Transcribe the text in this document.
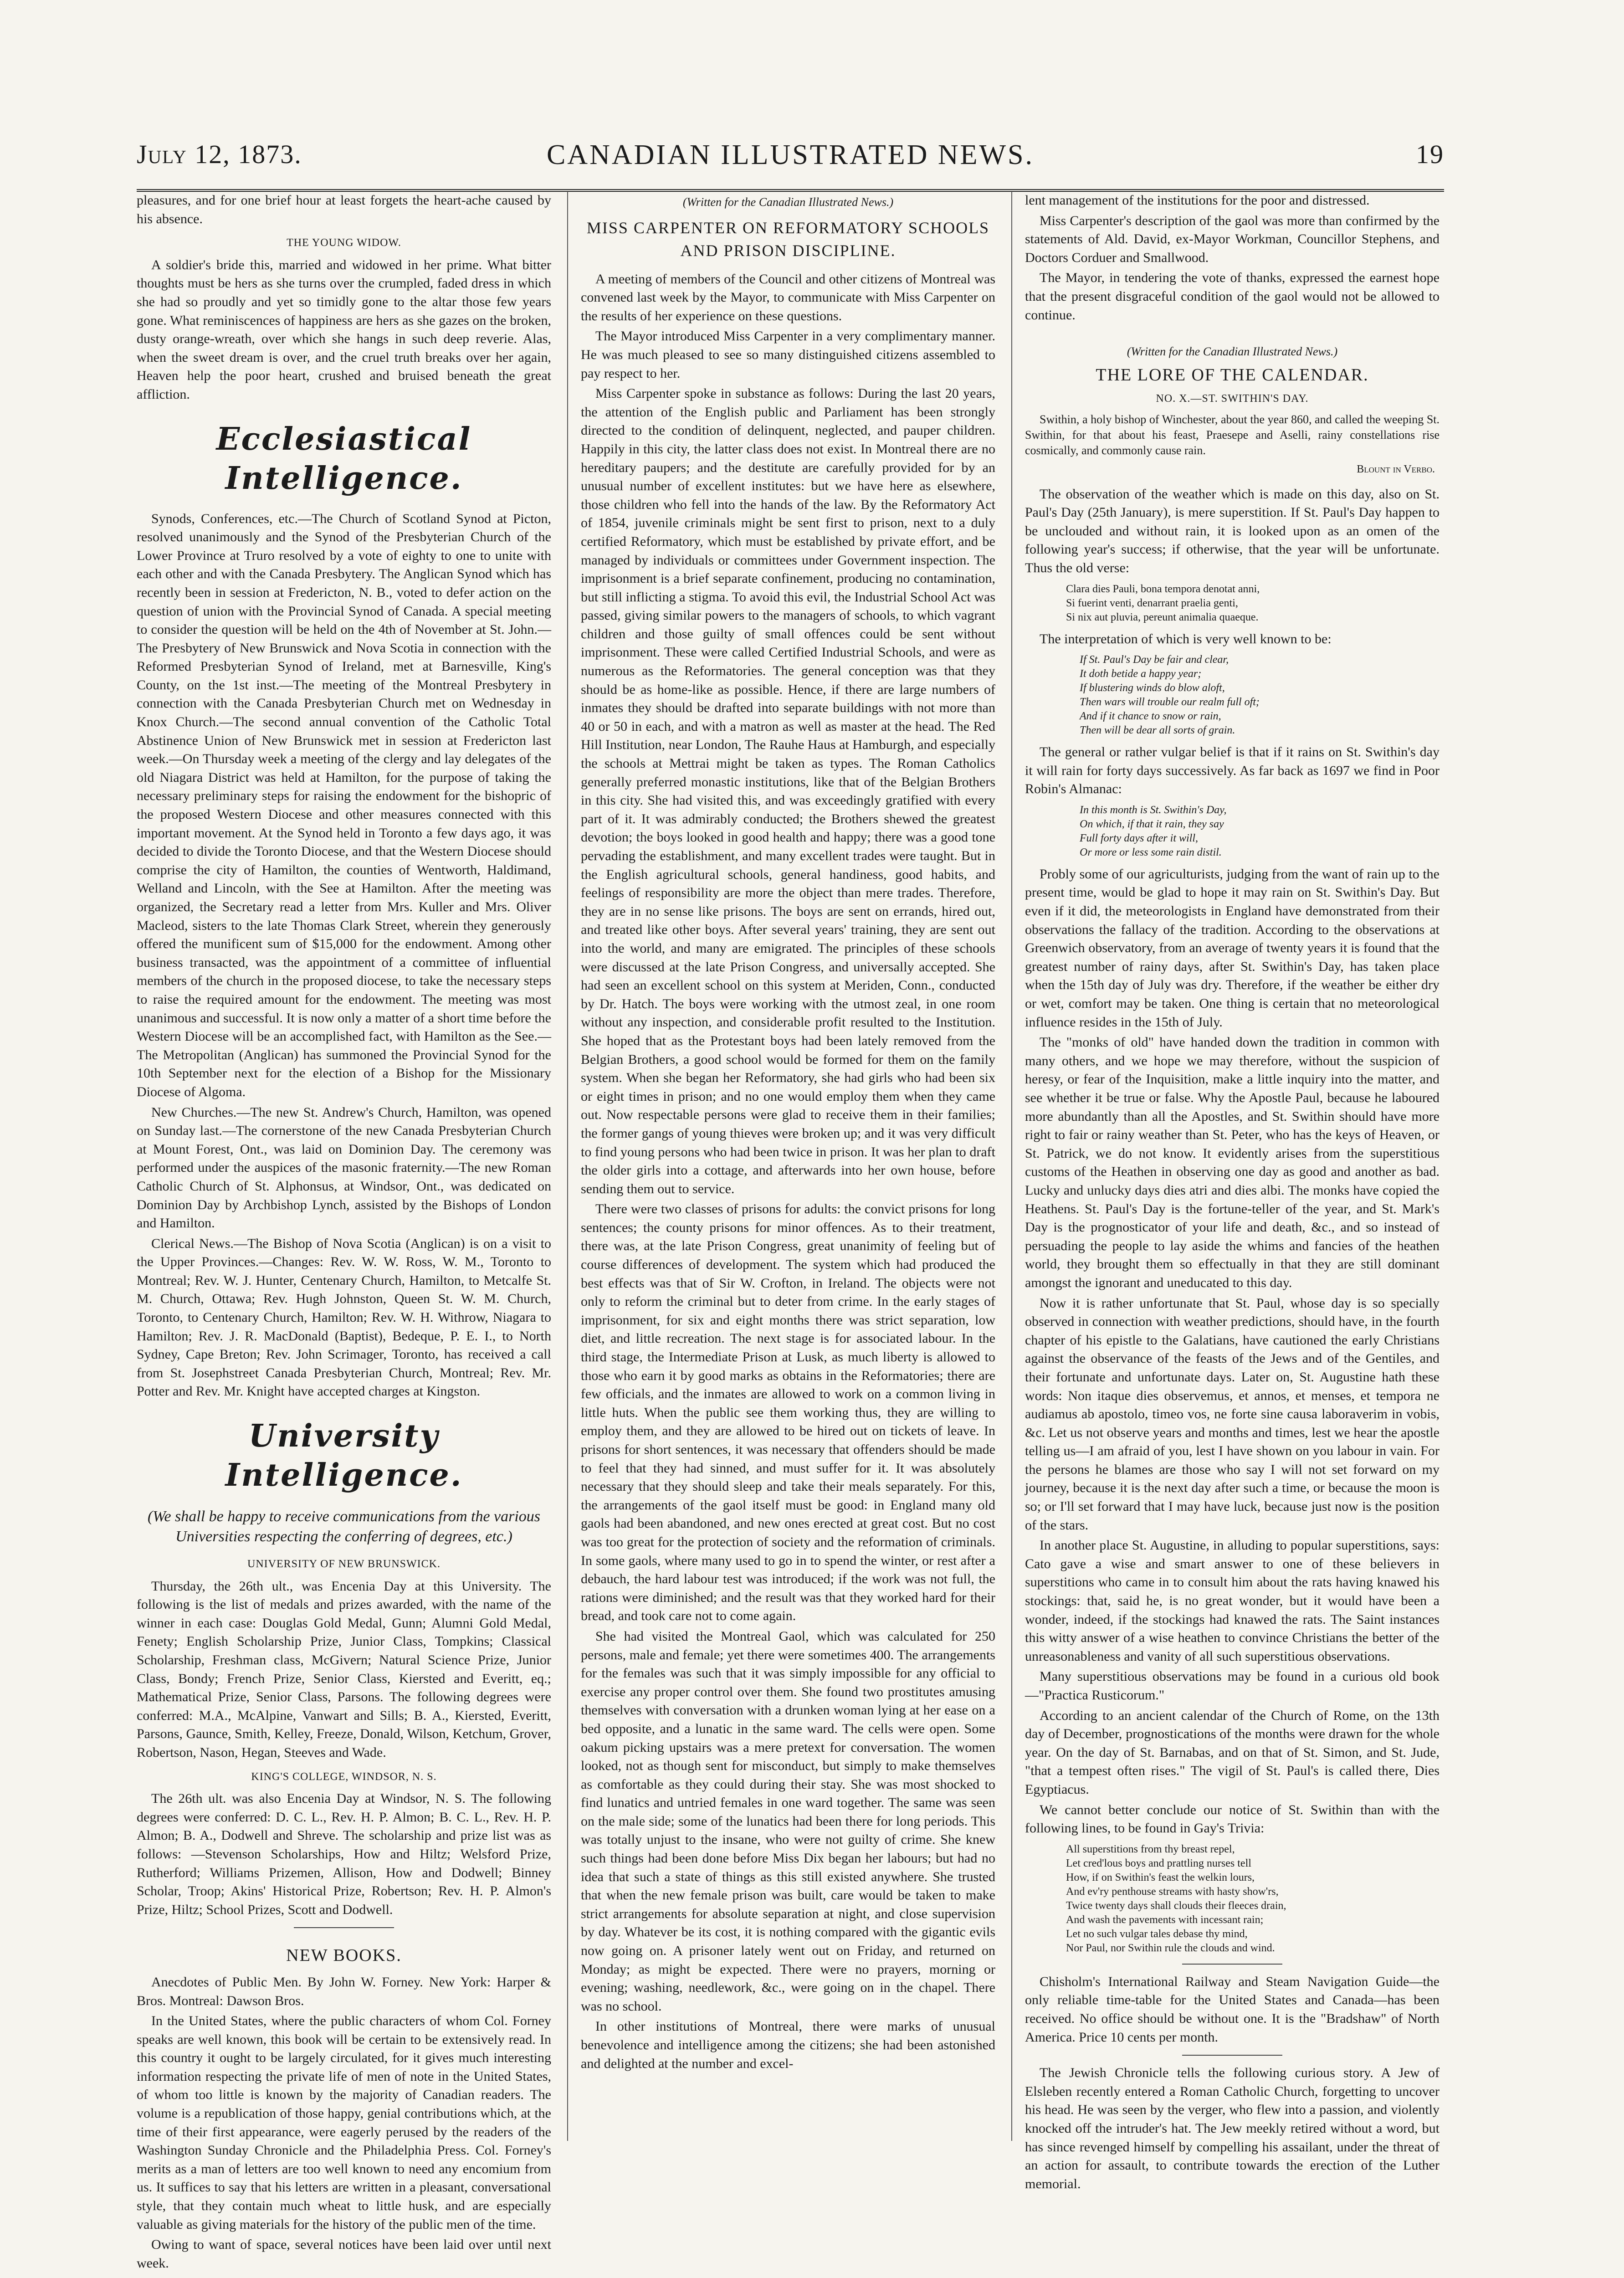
July 12, 1873.	CANADIAN ILLUSTRATED NEWS.	19

pleasures, and for one brief hour at least forgets the heart-ache caused by his absence.

THE YOUNG WIDOW.

A soldier's bride this, married and widowed in her prime. What bitter thoughts must be hers as she turns over the crumpled, faded dress in which she had so proudly and yet so timidly gone to the altar those few years gone. What reminiscences of happiness are hers as she gazes on the broken, dusty orange-wreath, over which she hangs in such deep reverie. Alas, when the sweet dream is over, and the cruel truth breaks over her again, Heaven help the poor heart, crushed and bruised beneath the great affliction.

Ecclesiastical Intelligence.

Synods, Conferences, etc.—The Church of Scotland Synod at Picton, resolved unanimously and the Synod of the Presbyterian Church of the Lower Province at Truro resolved by a vote of eighty to one to unite with each other and with the Canada Presbytery. The Anglican Synod which has recently been in session at Fredericton, N. B., voted to defer action on the question of union with the Provincial Synod of Canada. A special meeting to consider the question will be held on the 4th of November at St. John.—The Presbytery of New Brunswick and Nova Scotia in connection with the Reformed Presbyterian Synod of Ireland, met at Barnesville, King's County, on the 1st inst.—The meeting of the Montreal Presbytery in connection with the Canada Presbyterian Church met on Wednesday in Knox Church.—The second annual convention of the Catholic Total Abstinence Union of New Brunswick met in session at Fredericton last week.—On Thursday week a meeting of the clergy and lay delegates of the old Niagara District was held at Hamilton, for the purpose of taking the necessary preliminary steps for raising the endowment for the bishopric of the proposed Western Diocese and other measures connected with this important movement. At the Synod held in Toronto a few days ago, it was decided to divide the Toronto Diocese, and that the Western Diocese should comprise the city of Hamilton, the counties of Wentworth, Haldimand, Welland and Lincoln, with the See at Hamilton. After the meeting was organized, the Secretary read a letter from Mrs. Kuller and Mrs. Oliver Macleod, sisters to the late Thomas Clark Street, wherein they generously offered the munificent sum of $15,000 for the endowment. Among other business transacted, was the appointment of a committee of influential members of the church in the proposed diocese, to take the necessary steps to raise the required amount for the endowment. The meeting was most unanimous and successful. It is now only a matter of a short time before the Western Diocese will be an accomplished fact, with Hamilton as the See.—The Metropolitan (Anglican) has summoned the Provincial Synod for the 10th September next for the election of a Bishop for the Missionary Diocese of Algoma.

New Churches.—The new St. Andrew's Church, Hamilton, was opened on Sunday last.—The cornerstone of the new Canada Presbyterian Church at Mount Forest, Ont., was laid on Dominion Day. The ceremony was performed under the auspices of the masonic fraternity.—The new Roman Catholic Church of St. Alphonsus, at Windsor, Ont., was dedicated on Dominion Day by Archbishop Lynch, assisted by the Bishops of London and Hamilton.

Clerical News.—The Bishop of Nova Scotia (Anglican) is on a visit to the Upper Provinces.—Changes: Rev. W. W. Ross, W. M., Toronto to Montreal; Rev. W. J. Hunter, Centenary Church, Hamilton, to Metcalfe St. M. Church, Ottawa; Rev. Hugh Johnston, Queen St. W. M. Church, Toronto, to Centenary Church, Hamilton; Rev. W. H. Withrow, Niagara to Hamilton; Rev. J. R. MacDonald (Baptist), Bedeque, P. E. I., to North Sydney, Cape Breton; Rev. John Scrimager, Toronto, has received a call from St. Josephstreet Canada Presbyterian Church, Montreal; Rev. Mr. Potter and Rev. Mr. Knight have accepted charges at Kingston.

University Intelligence.
(We shall be happy to receive communications from the various Universities respecting the conferring of degrees, etc.)
UNIVERSITY OF NEW BRUNSWICK.

Thursday, the 26th ult., was Encenia Day at this University. The following is the list of medals and prizes awarded, with the name of the winner in each case: Douglas Gold Medal, Gunn; Alumni Gold Medal, Fenety; English Scholarship Prize, Junior Class, Tompkins; Classical Scholarship, Freshman class, McGivern; Natural Science Prize, Junior Class, Bondy; French Prize, Senior Class, Kiersted and Everitt, eq.; Mathematical Prize, Senior Class, Parsons. The following degrees were conferred: M.A., McAlpine, Vanwart and Sills; B. A., Kiersted, Everitt, Parsons, Gaunce, Smith, Kelley, Freeze, Donald, Wilson, Ketchum, Grover, Robertson, Nason, Hegan, Steeves and Wade.

KING'S COLLEGE, WINDSOR, N. S.

The 26th ult. was also Encenia Day at Windsor, N. S. The following degrees were conferred: D. C. L., Rev. H. P. Almon; B. C. L., Rev. H. P. Almon; B. A., Dodwell and Shreve. The scholarship and prize list was as follows: —Stevenson Scholarships, How and Hiltz; Welsford Prize, Rutherford; Williams Prizemen, Allison, How and Dodwell; Binney Scholar, Troop; Akins' Historical Prize, Robertson; Rev. H. P. Almon's Prize, Hiltz; School Prizes, Scott and Dodwell.

NEW BOOKS.

Anecdotes of Public Men. By John W. Forney. New York: Harper & Bros. Montreal: Dawson Bros.

In the United States, where the public characters of whom Col. Forney speaks are well known, this book will be certain to be extensively read. In this country it ought to be largely circulated, for it gives much interesting information respecting the private life of men of note in the United States, of whom too little is known by the majority of Canadian readers. The volume is a republication of those happy, genial contributions which, at the time of their first appearance, were eagerly perused by the readers of the Washington Sunday Chronicle and the Philadelphia Press. Col. Forney's merits as a man of letters are too well known to need any encomium from us. It suffices to say that his letters are written in a pleasant, conversational style, that they contain much wheat to little husk, and are especially valuable as giving materials for the history of the public men of the time.

Owing to want of space, several notices have been laid over until next week.

(Written for the Canadian Illustrated News.)
MISS CARPENTER ON REFORMATORY SCHOOLS AND PRISON DISCIPLINE.

A meeting of members of the Council and other citizens of Montreal was convened last week by the Mayor, to communicate with Miss Carpenter on the results of her experience on these questions.

The Mayor introduced Miss Carpenter in a very complimentary manner. He was much pleased to see so many distinguished citizens assembled to pay respect to her.

Miss Carpenter spoke in substance as follows: During the last 20 years, the attention of the English public and Parliament has been strongly directed to the condition of delinquent, neglected, and pauper children. Happily in this city, the latter class does not exist. In Montreal there are no hereditary paupers; and the destitute are carefully provided for by an unusual number of excellent institutes: but we have here as elsewhere, those children who fell into the hands of the law. By the Reformatory Act of 1854, juvenile criminals might be sent first to prison, next to a duly certified Reformatory, which must be established by private effort, and be managed by individuals or committees under Government inspection. The imprisonment is a brief separate confinement, producing no contamination, but still inflicting a stigma. To avoid this evil, the Industrial School Act was passed, giving similar powers to the managers of schools, to which vagrant children and those guilty of small offences could be sent without imprisonment. These were called Certified Industrial Schools, and were as numerous as the Reformatories. The general conception was that they should be as home-like as possible. Hence, if there are large numbers of inmates they should be drafted into separate buildings with not more than 40 or 50 in each, and with a matron as well as master at the head. The Red Hill Institution, near London, The Rauhe Haus at Hamburgh, and especially the schools at Mettrai might be taken as types. The Roman Catholics generally preferred monastic institutions, like that of the Belgian Brothers in this city. She had visited this, and was exceedingly gratified with every part of it. It was admirably conducted; the Brothers shewed the greatest devotion; the boys looked in good health and happy; there was a good tone pervading the establishment, and many excellent trades were taught. But in the English agricultural schools, general handiness, good habits, and feelings of responsibility are more the object than mere trades. Therefore, they are in no sense like prisons. The boys are sent on errands, hired out, and treated like other boys. After several years' training, they are sent out into the world, and many are emigrated. The principles of these schools were discussed at the late Prison Congress, and universally accepted. She had seen an excellent school on this system at Meriden, Conn., conducted by Dr. Hatch. The boys were working with the utmost zeal, in one room without any inspection, and considerable profit resulted to the Institution. She hoped that as the Protestant boys had been lately removed from the Belgian Brothers, a good school would be formed for them on the family system. When she began her Reformatory, she had girls who had been six or eight times in prison; and no one would employ them when they came out. Now respectable persons were glad to receive them in their families; the former gangs of young thieves were broken up; and it was very difficult to find young persons who had been twice in prison. It was her plan to draft the older girls into a cottage, and afterwards into her own house, before sending them out to service.

There were two classes of prisons for adults: the convict prisons for long sentences; the county prisons for minor offences. As to their treatment, there was, at the late Prison Congress, great unanimity of feeling but of course differences of development. The system which had produced the best effects was that of Sir W. Crofton, in Ireland. The objects were not only to reform the criminal but to deter from crime. In the early stages of imprisonment, for six and eight months there was strict separation, low diet, and little recreation. The next stage is for associated labour. In the third stage, the Intermediate Prison at Lusk, as much liberty is allowed to those who earn it by good marks as obtains in the Reformatories; there are few officials, and the inmates are allowed to work on a common living in little huts. When the public see them working thus, they are willing to employ them, and they are allowed to be hired out on tickets of leave. In prisons for short sentences, it was necessary that offenders should be made to feel that they had sinned, and must suffer for it. It was absolutely necessary that they should sleep and take their meals separately. For this, the arrangements of the gaol itself must be good: in England many old gaols had been abandoned, and new ones erected at great cost. But no cost was too great for the protection of society and the reformation of criminals. In some gaols, where many used to go in to spend the winter, or rest after a debauch, the hard labour test was introduced; if the work was not full, the rations were diminished; and the result was that they worked hard for their bread, and took care not to come again.

She had visited the Montreal Gaol, which was calculated for 250 persons, male and female; yet there were sometimes 400. The arrangements for the females was such that it was simply impossible for any official to exercise any proper control over them. She found two prostitutes amusing themselves with conversation with a drunken woman lying at her ease on a bed opposite, and a lunatic in the same ward. The cells were open. Some oakum picking upstairs was a mere pretext for conversation. The women looked, not as though sent for misconduct, but simply to make themselves as comfortable as they could during their stay. She was most shocked to find lunatics and untried females in one ward together. The same was seen on the male side; some of the lunatics had been there for long periods. This was totally unjust to the insane, who were not guilty of crime. She knew such things had been done before Miss Dix began her labours; but had no idea that such a state of things as this still existed anywhere. She trusted that when the new female prison was built, care would be taken to make strict arrangements for absolute separation at night, and close supervision by day. Whatever be its cost, it is nothing compared with the gigantic evils now going on. A prisoner lately went out on Friday, and returned on Monday; as might be expected. There were no prayers, morning or evening; washing, needlework, &c., were going on in the chapel. There was no school.

In other institutions of Montreal, there were marks of unusual benevolence and intelligence among the citizens; she had been astonished and delighted at the number and excel-

lent management of the institutions for the poor and distressed.

Miss Carpenter's description of the gaol was more than confirmed by the statements of Ald. David, ex-Mayor Workman, Councillor Stephens, and Doctors Corduer and Smallwood.

The Mayor, in tendering the vote of thanks, expressed the earnest hope that the present disgraceful condition of the gaol would not be allowed to continue.

(Written for the Canadian Illustrated News.)
THE LORE OF THE CALENDAR.
NO. X.—ST. SWITHIN'S DAY.

Swithin, a holy bishop of Winchester, about the year 860, and called the weeping St. Swithin, for that about his feast, Praesepe and Aselli, rainy constellations rise cosmically, and commonly cause rain.

Blount in Verbo.

The observation of the weather which is made on this day, also on St. Paul's Day (25th January), is mere superstition. If St. Paul's Day happen to be unclouded and without rain, it is looked upon as an omen of the following year's success; if otherwise, that the year will be unfortunate. Thus the old verse:

Clara dies Pauli, bona tempora denotat anni,
Si fuerint venti, denarrant praelia genti,
Si nix aut pluvia, pereunt animalia quaeque.

The interpretation of which is very well known to be:

If St. Paul's Day be fair and clear,
It doth betide a happy year;
If blustering winds do blow aloft,
Then wars will trouble our realm full oft;
And if it chance to snow or rain,
Then will be dear all sorts of grain.

The general or rather vulgar belief is that if it rains on St. Swithin's day it will rain for forty days successively. As far back as 1697 we find in Poor Robin's Almanac:

In this month is St. Swithin's Day,
On which, if that it rain, they say
Full forty days after it will,
Or more or less some rain distil.

Probly some of our agriculturists, judging from the want of rain up to the present time, would be glad to hope it may rain on St. Swithin's Day. But even if it did, the meteorologists in England have demonstrated from their observations the fallacy of the tradition. According to the observations at Greenwich observatory, from an average of twenty years it is found that the greatest number of rainy days, after St. Swithin's Day, has taken place when the 15th day of July was dry. Therefore, if the weather be either dry or wet, comfort may be taken. One thing is certain that no meteorological influence resides in the 15th of July.

The "monks of old" have handed down the tradition in common with many others, and we hope we may therefore, without the suspicion of heresy, or fear of the Inquisition, make a little inquiry into the matter, and see whether it be true or false. Why the Apostle Paul, because he laboured more abundantly than all the Apostles, and St. Swithin should have more right to fair or rainy weather than St. Peter, who has the keys of Heaven, or St. Patrick, we do not know. It evidently arises from the superstitious customs of the Heathen in observing one day as good and another as bad. Lucky and unlucky days dies atri and dies albi. The monks have copied the Heathens. St. Paul's Day is the fortune-teller of the year, and St. Mark's Day is the prognosticator of your life and death, &c., and so instead of persuading the people to lay aside the whims and fancies of the heathen world, they brought them so effectually in that they are still dominant amongst the ignorant and uneducated to this day.

Now it is rather unfortunate that St. Paul, whose day is so specially observed in connection with weather predictions, should have, in the fourth chapter of his epistle to the Galatians, have cautioned the early Christians against the observance of the feasts of the Jews and of the Gentiles, and their fortunate and unfortunate days. Later on, St. Augustine hath these words: Non itaque dies observemus, et annos, et menses, et tempora ne audiamus ab apostolo, timeo vos, ne forte sine causa laboraverim in vobis, &c. Let us not observe years and months and times, lest we hear the apostle telling us—I am afraid of you, lest I have shown on you labour in vain. For the persons he blames are those who say I will not set forward on my journey, because it is the next day after such a time, or because the moon is so; or I'll set forward that I may have luck, because just now is the position of the stars.

In another place St. Augustine, in alluding to popular superstitions, says: Cato gave a wise and smart answer to one of these believers in superstitions who came in to consult him about the rats having knawed his stockings: that, said he, is no great wonder, but it would have been a wonder, indeed, if the stockings had knawed the rats. The Saint instances this witty answer of a wise heathen to convince Christians the better of the unreasonableness and vanity of all such superstitious observations.

Many superstitious observations may be found in a curious old book—"Practica Rusticorum."

According to an ancient calendar of the Church of Rome, on the 13th day of December, prognostications of the months were drawn for the whole year. On the day of St. Barnabas, and on that of St. Simon, and St. Jude, "that a tempest often rises." The vigil of St. Paul's is called there, Dies Egyptiacus.

We cannot better conclude our notice of St. Swithin than with the following lines, to be found in Gay's Trivia:

All superstitions from thy breast repel,
Let cred'lous boys and prattling nurses tell
How, if on Swithin's feast the welkin lours,
And ev'ry penthouse streams with hasty show'rs,
Twice twenty days shall clouds their fleeces drain,
And wash the pavements with incessant rain;
Let no such vulgar tales debase thy mind,
Nor Paul, nor Swithin rule the clouds and wind.

Chisholm's International Railway and Steam Navigation Guide—the only reliable time-table for the United States and Canada—has been received. No office should be without one. It is the "Bradshaw" of North America. Price 10 cents per month.

The Jewish Chronicle tells the following curious story. A Jew of Elsleben recently entered a Roman Catholic Church, forgetting to uncover his head. He was seen by the verger, who flew into a passion, and violently knocked off the intruder's hat. The Jew meekly retired without a word, but has since revenged himself by compelling his assailant, under the threat of an action for assault, to contribute towards the erection of the Luther memorial.
